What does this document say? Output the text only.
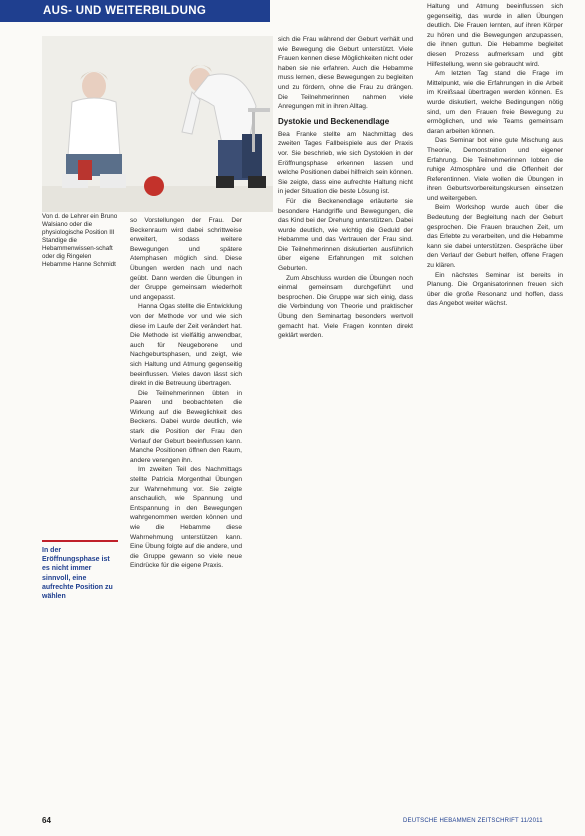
AUS- UND WEITERBILDUNG
Von d. de Lehrer ein Bruno Walsiano oder die physiologische Position III Standige die Hebammenwissen-schaft oder dig Ringelen Hebamme Hanne Schmidt
In der Eröffnungsphase ist es nicht immer sinnvoll, eine aufrechte Position zu wählen

so Vorstellungen der Frau. Der Beckenraum wird dabei schrittweise erweitert, sodass weitere Bewegungen und spätere Atemphasen möglich sind. Diese Übungen werden nach und nach geübt. Dann werden die Übungen in der Gruppe gemeinsam wiederholt und angepasst.

Hanna Ogas stellte die Entwicklung von der Methode vor und wie sich diese im Laufe der Zeit verändert hat. Die Methode ist vielfältig anwendbar, auch für Neugeborene und Nachgeburtsphasen, und zeigt, wie sich Haltung und Atmung gegenseitig beeinflussen. Vieles davon lässt sich direkt in die Betreuung übertragen.

Die Teilnehmerinnen übten in Paaren und beobachteten die Wirkung auf die Beweglichkeit des Beckens. Dabei wurde deutlich, wie stark die Position der Frau den Verlauf der Geburt beeinflussen kann. Manche Positionen öffnen den Raum, andere verengen ihn.

Im zweiten Teil des Nachmittags stellte Patricia Morgenthal Übungen zur Wahrnehmung vor. Sie zeigte anschaulich, wie Spannung und Entspannung in den Bewegungen wahrgenommen werden können und wie die Hebamme diese Wahrnehmung unterstützen kann. Eine Übung folgte auf die andere, und die Gruppe gewann so viele neue Eindrücke für die eigene Praxis.

sich die Frau während der Geburt verhält und wie Bewegung die Geburt unterstützt. Viele Frauen kennen diese Möglichkeiten nicht oder haben sie nie erfahren. Auch die Hebamme muss lernen, diese Bewegungen zu begleiten und zu fördern, ohne die Frau zu drängen. Die Teilnehmerinnen nahmen viele Anregungen mit in ihren Alltag.

Dystokie und Beckenendlage

Bea Franke stellte am Nachmittag des zweiten Tages Fallbeispiele aus der Praxis vor. Sie beschrieb, wie sich Dystokien in der Eröffnungsphase erkennen lassen und welche Positionen dabei hilfreich sein können. Sie zeigte, dass eine aufrechte Haltung nicht in jeder Situation die beste Lösung ist.

Für die Beckenendlage erläuterte sie besondere Handgriffe und Bewegungen, die das Kind bei der Drehung unterstützen. Dabei wurde deutlich, wie wichtig die Geduld der Hebamme und das Vertrauen der Frau sind. Die Teilnehmerinnen diskutierten ausführlich über eigene Erfahrungen mit solchen Geburten.

Zum Abschluss wurden die Übungen noch einmal gemeinsam durchgeführt und besprochen. Die Gruppe war sich einig, dass die Verbindung von Theorie und praktischer Übung den Seminartag besonders wertvoll gemacht hat. Viele Fragen konnten direkt geklärt werden.

Haltung und Atmung beeinflussen sich gegenseitig, das wurde in allen Übungen deutlich. Die Frauen lernten, auf ihren Körper zu hören und die Bewegungen anzupassen, die ihnen guttun. Die Hebamme begleitet diesen Prozess aufmerksam und gibt Hilfestellung, wenn sie gebraucht wird.

Am letzten Tag stand die Frage im Mittelpunkt, wie die Erfahrungen in die Arbeit im Kreißsaal übertragen werden können. Es wurde diskutiert, welche Bedingungen nötig sind, um den Frauen freie Bewegung zu ermöglichen, und wie Teams gemeinsam daran arbeiten können.

Das Seminar bot eine gute Mischung aus Theorie, Demonstration und eigener Erfahrung. Die Teilnehmerinnen lobten die ruhige Atmosphäre und die Offenheit der Referentinnen. Viele wollen die Übungen in ihren Geburtsvorbereitungskursen einsetzen und weitergeben.

Beim Workshop wurde auch über die Bedeutung der Begleitung nach der Geburt gesprochen. Die Frauen brauchen Zeit, um das Erlebte zu verarbeiten, und die Hebamme kann sie dabei unterstützen. Gespräche über den Verlauf der Geburt helfen, offene Fragen zu klären.

Ein nächstes Seminar ist bereits in Planung. Die Organisatorinnen freuen sich über die große Resonanz und hoffen, dass das Angebot weiter wächst.

64	DEUTSCHE HEBAMMEN ZEITSCHRIFT 11/2011
